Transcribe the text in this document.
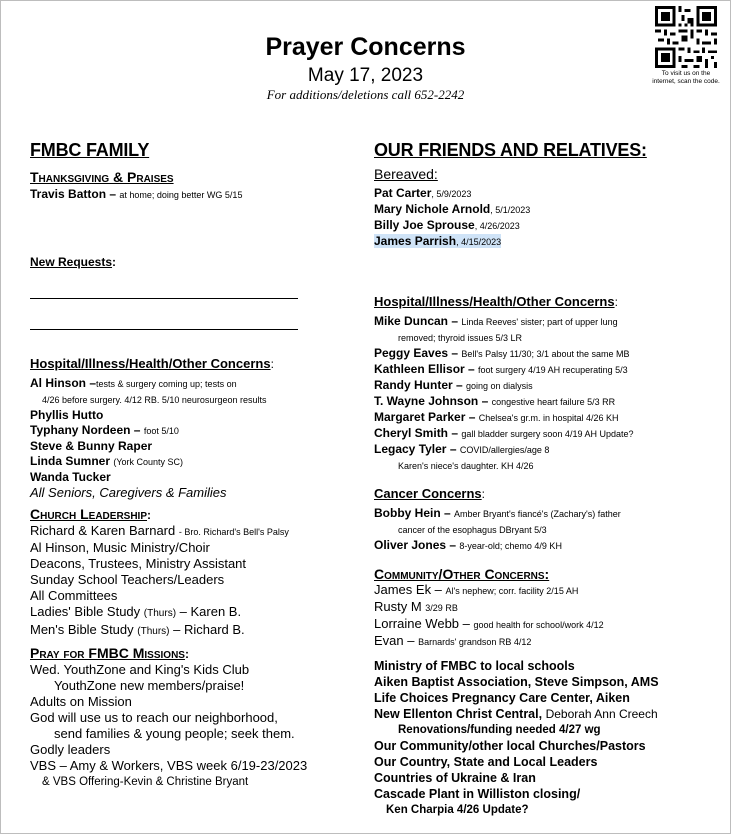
Prayer Concerns
May 17, 2023
For additions/deletions call 652-2242
To visit us on the internet, scan the code.
FMBC FAMILY
Thanksgiving & Praises
Travis Batton – at home; doing better WG 5/15
New Requests:
Hospital/Illness/Health/Other Concerns:
Al Hinson –tests & surgery coming up; tests on
4/26 before surgery. 4/12 RB. 5/10 neurosurgeon results
Phyllis Hutto
Typhany Nordeen – foot 5/10
Steve & Bunny Raper
Linda Sumner (York County SC)
Wanda Tucker
All Seniors, Caregivers & Families
Church Leadership:
Richard & Karen Barnard - Bro. Richard's Bell's Palsy
Al Hinson, Music Ministry/Choir
Deacons, Trustees, Ministry Assistant
Sunday School Teachers/Leaders
All Committees
Ladies' Bible Study (Thurs) – Karen B.
Men's Bible Study (Thurs) – Richard B.
Pray for FMBC Missions:
Wed. YouthZone and King's Kids Club
YouthZone new members/praise!
Adults on Mission
God will use us to reach our neighborhood,
send families & young people; seek them.
Godly leaders
VBS – Amy & Workers, VBS week 6/19-23/2023
& VBS Offering-Kevin & Christine Bryant
OUR FRIENDS AND RELATIVES:
Bereaved:
Pat Carter, 5/9/2023
Mary Nichole Arnold, 5/1/2023
Billy Joe Sprouse, 4/26/2023
James Parrish, 4/15/2023
Hospital/Illness/Health/Other Concerns:
Mike Duncan – Linda Reeves' sister; part of upper lung
removed; thyroid issues 5/3 LR
Peggy Eaves – Bell's Palsy 11/30; 3/1 about the same MB
Kathleen Ellisor – foot surgery 4/19 AH recuperating 5/3
Randy Hunter – going on dialysis
T. Wayne Johnson – congestive heart failure 5/3 RR
Margaret Parker – Chelsea's gr.m. in hospital 4/26 KH
Cheryl Smith – gall bladder surgery soon 4/19 AH Update?
Legacy Tyler – COVID/allergies/age 8
Karen's niece's daughter. KH 4/26
Cancer Concerns:
Bobby Hein – Amber Bryant's fiancé's (Zachary's) father
cancer of the esophagus DBryant 5/3
Oliver Jones – 8-year-old; chemo 4/9 KH
Community/Other Concerns:
James Ek – Al's nephew; corr. facility 2/15 AH
Rusty M 3/29 RB
Lorraine Webb – good health for school/work 4/12
Evan – Barnards' grandson RB 4/12
Ministry of FMBC to local schools
Aiken Baptist Association, Steve Simpson, AMS
Life Choices Pregnancy Care Center, Aiken
New Ellenton Christ Central, Deborah Ann Creech
Renovations/funding needed 4/27 wg
Our Community/other local Churches/Pastors
Our Country, State and Local Leaders
Countries of Ukraine & Iran
Cascade Plant in Williston closing/
Ken Charpia 4/26 Update?
